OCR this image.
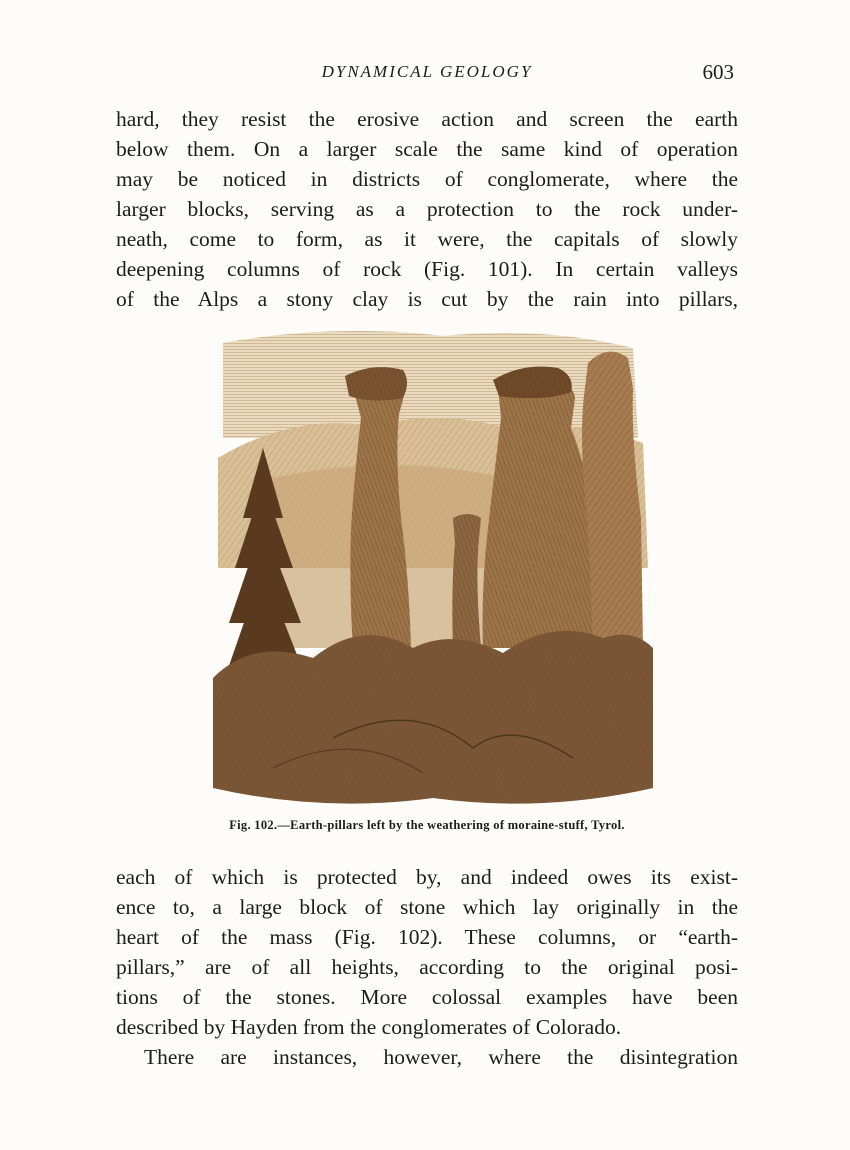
DYNAMICAL GEOLOGY	603
hard, they resist the erosive action and screen the earth
below them. On a larger scale the same kind of operation
may be noticed in districts of conglomerate, where the
larger blocks, serving as a protection to the rock under-
neath, come to form, as it were, the capitals of slowly
deepening columns of rock (Fig. 101). In certain valleys
of the Alps a stony clay is cut by the rain into pillars,
Fig. 102.—Earth-pillars left by the weathering of moraine-stuff, Tyrol.
each of which is protected by, and indeed owes its exist-
ence to, a large block of stone which lay originally in the
heart of the mass (Fig. 102). These columns, or “earth-
pillars,” are of all heights, according to the original posi-
tions of the stones. More colossal examples have been
described by Hayden from the conglomerates of Colorado.
There are instances, however, where the disintegration
